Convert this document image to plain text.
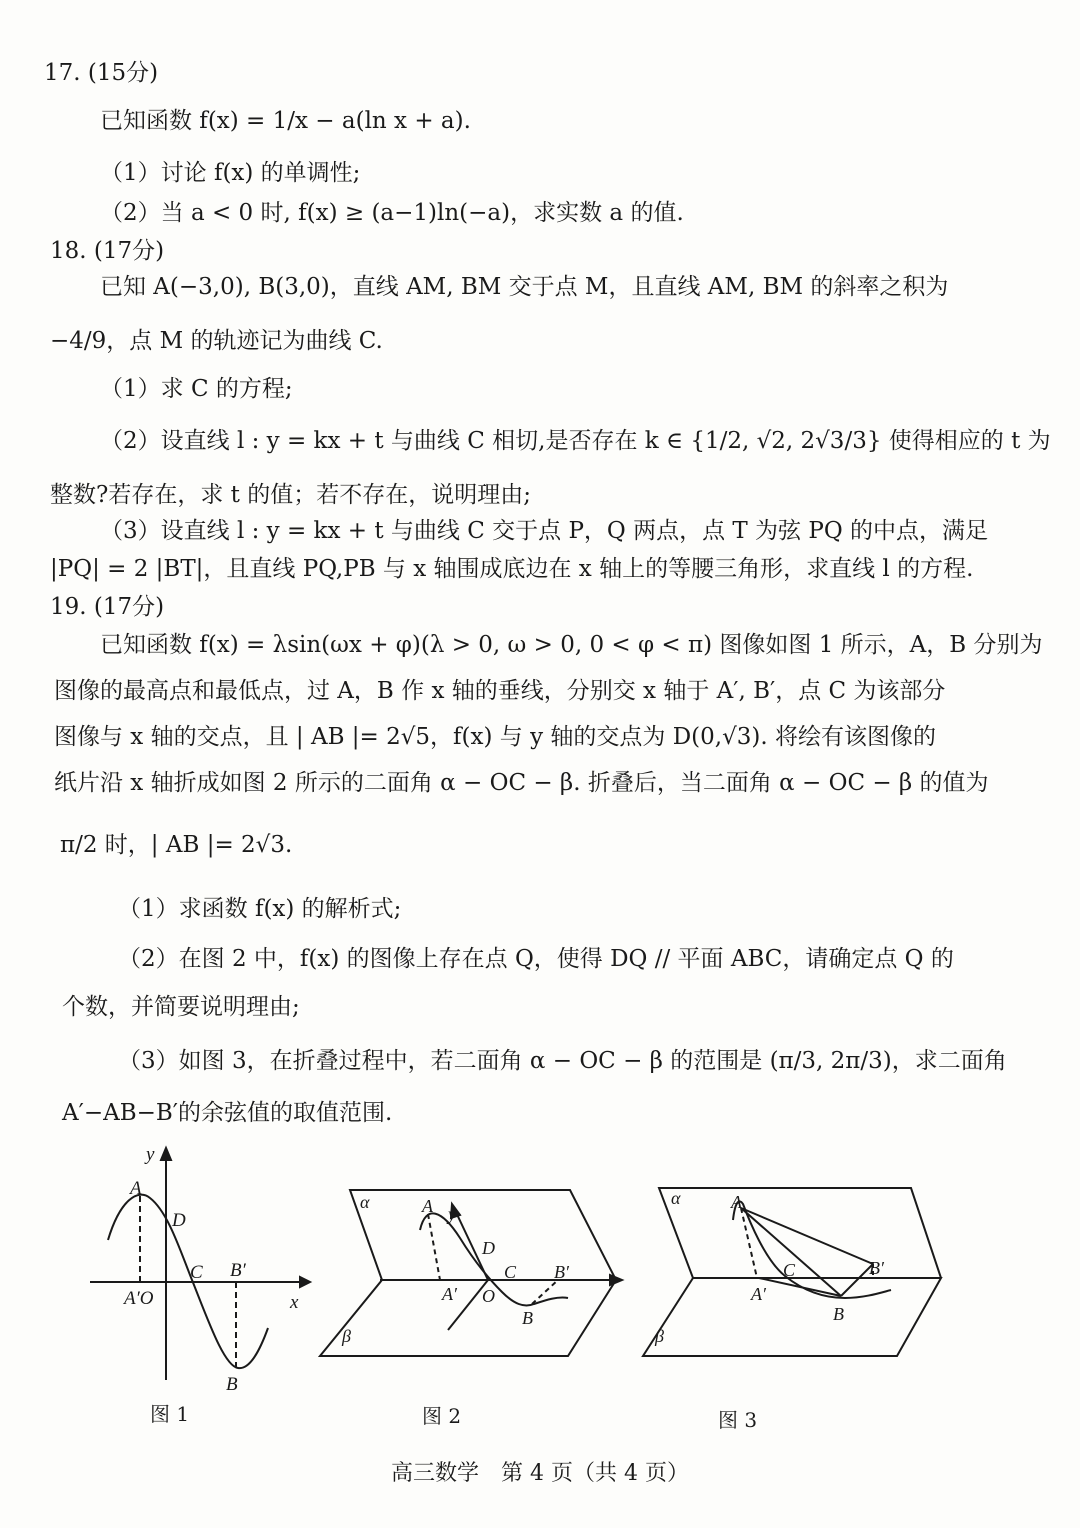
17. (15分)
已知函数 f(x) = 1/x − a(ln x + a).
（1）讨论 f(x) 的单调性;
（2）当 a < 0 时, f(x) ≥ (a−1)ln(−a)，求实数 a 的值.
18. (17分)
已知 A(−3,0), B(3,0)，直线 AM, BM 交于点 M，且直线 AM, BM 的斜率之积为
−4/9，点 M 的轨迹记为曲线 C.
（1）求 C 的方程;
（2）设直线 l : y = kx + t 与曲线 C 相切,是否存在 k ∈ {1/2, √2, 2√3/3} 使得相应的 t 为
整数?若存在，求 t 的值；若不存在，说明理由;
（3）设直线 l : y = kx + t 与曲线 C 交于点 P，Q 两点，点 T 为弦 PQ 的中点，满足
|PQ| = 2 |BT|，且直线 PQ,PB 与 x 轴围成底边在 x 轴上的等腰三角形，求直线 l 的方程.
19. (17分)
已知函数 f(x) = λsin(ωx + φ)(λ > 0, ω > 0, 0 < φ < π) 图像如图 1 所示，A，B 分别为
图像的最高点和最低点，过 A，B 作 x 轴的垂线，分别交 x 轴于 A′, B′，点 C 为该部分
图像与 x 轴的交点，且 | AB |= 2√5，f(x) 与 y 轴的交点为 D(0,√3). 将绘有该图像的
纸片沿 x 轴折成如图 2 所示的二面角 α − OC − β. 折叠后，当二面角 α − OC − β 的值为
π/2 时，| AB |= 2√3.
（1）求函数 f(x) 的解析式;
（2）在图 2 中，f(x) 的图像上存在点 Q，使得 DQ // 平面 ABC，请确定点 Q 的
个数，并简要说明理由;
（3）如图 3，在折叠过程中，若二面角 α − OC − β 的范围是 (π/3, 2π/3)，求二面角
A′−AB−B′的余弦值的取值范围.
y
A
D
C B′
A′O	x
B
图 1
α	A y
D
C B′
A′ O
B
β
图 2
α	A
C	B′
A′
B
β
图 3
高三数学　第 4 页（共 4 页）
